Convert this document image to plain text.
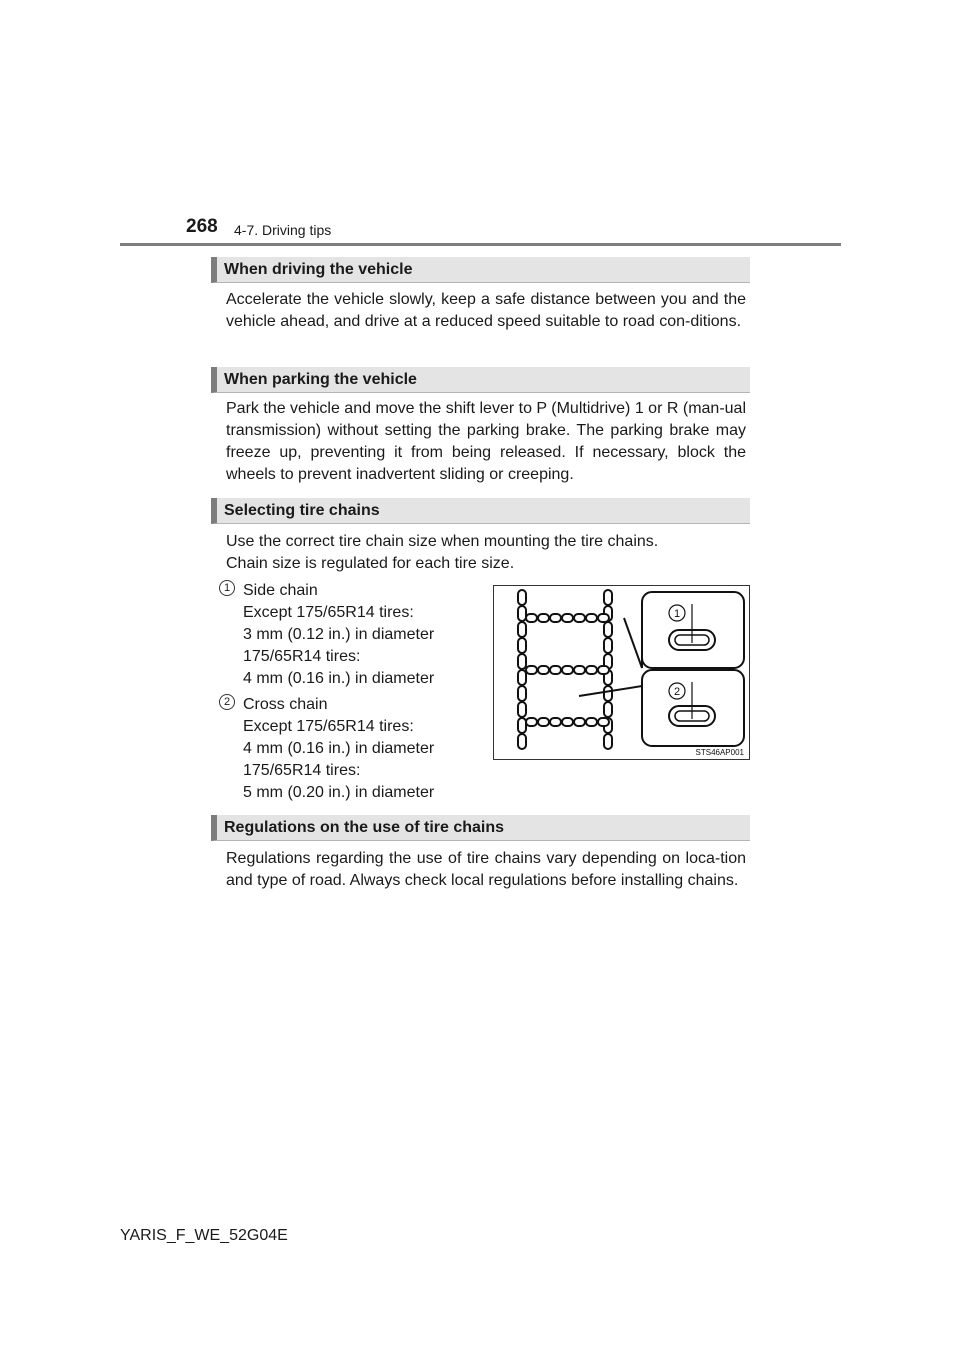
268 4-7. Driving tips
When driving the vehicle
Accelerate the vehicle slowly, keep a safe distance between you and the vehicle ahead, and drive at a reduced speed suitable to road con-ditions.
When parking the vehicle
Park the vehicle and move the shift lever to P (Multidrive) 1 or R (man-ual transmission) without setting the parking brake. The parking brake may freeze up, preventing it from being released. If necessary, block the wheels to prevent inadvertent sliding or creeping.
Selecting tire chains
Use the correct tire chain size when mounting the tire chains.
Chain size is regulated for each tire size.
1 Side chain
Except 175/65R14 tires:
3 mm (0.12 in.) in diameter
175/65R14 tires:
4 mm (0.16 in.) in diameter
2 Cross chain
Except 175/65R14 tires:
4 mm (0.16 in.) in diameter
175/65R14 tires:
5 mm (0.20 in.) in diameter
1
2
STS46AP001
Regulations on the use of tire chains
Regulations regarding the use of tire chains vary depending on loca-tion and type of road. Always check local regulations before installing chains.
YARIS_F_WE_52G04E
